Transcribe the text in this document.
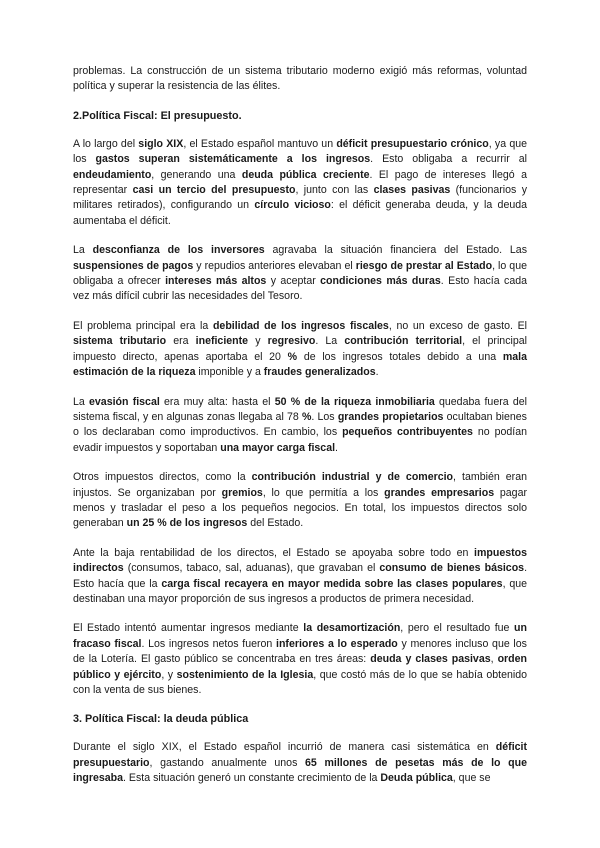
problemas. La construcción de un sistema tributario moderno exigió más reformas, voluntad política y superar la resistencia de las élites.

2.Política Fiscal: El presupuesto.

A lo largo del siglo XIX, el Estado español mantuvo un déficit presupuestario crónico, ya que los gastos superan sistemáticamente a los ingresos. Esto obligaba a recurrir al endeudamiento, generando una deuda pública creciente. El pago de intereses llegó a representar casi un tercio del presupuesto, junto con las clases pasivas (funcionarios y militares retirados), configurando un círculo vicioso: el déficit generaba deuda, y la deuda aumentaba el déficit.

La desconfianza de los inversores agravaba la situación financiera del Estado. Las suspensiones de pagos y repudios anteriores elevaban el riesgo de prestar al Estado, lo que obligaba a ofrecer intereses más altos y aceptar condiciones más duras. Esto hacía cada vez más difícil cubrir las necesidades del Tesoro.

El problema principal era la debilidad de los ingresos fiscales, no un exceso de gasto. El sistema tributario era ineficiente y regresivo. La contribución territorial, el principal impuesto directo, apenas aportaba el 20 % de los ingresos totales debido a una mala estimación de la riqueza imponible y a fraudes generalizados.

La evasión fiscal era muy alta: hasta el 50 % de la riqueza inmobiliaria quedaba fuera del sistema fiscal, y en algunas zonas llegaba al 78 %. Los grandes propietarios ocultaban bienes o los declaraban como improductivos. En cambio, los pequeños contribuyentes no podían evadir impuestos y soportaban una mayor carga fiscal.

Otros impuestos directos, como la contribución industrial y de comercio, también eran injustos. Se organizaban por gremios, lo que permitía a los grandes empresarios pagar menos y trasladar el peso a los pequeños negocios. En total, los impuestos directos solo generaban un 25 % de los ingresos del Estado.

Ante la baja rentabilidad de los directos, el Estado se apoyaba sobre todo en impuestos indirectos (consumos, tabaco, sal, aduanas), que gravaban el consumo de bienes básicos. Esto hacía que la carga fiscal recayera en mayor medida sobre las clases populares, que destinaban una mayor proporción de sus ingresos a productos de primera necesidad.

El Estado intentó aumentar ingresos mediante la desamortización, pero el resultado fue un fracaso fiscal. Los ingresos netos fueron inferiores a lo esperado y menores incluso que los de la Lotería. El gasto público se concentraba en tres áreas: deuda y clases pasivas, orden público y ejército, y sostenimiento de la Iglesia, que costó más de lo que se había obtenido con la venta de sus bienes.

3. Política Fiscal: la deuda pública

Durante el siglo XIX, el Estado español incurrió de manera casi sistemática en déficit presupuestario, gastando anualmente unos 65 millones de pesetas más de lo que ingresaba. Esta situación generó un constante crecimiento de la Deuda pública, que se
